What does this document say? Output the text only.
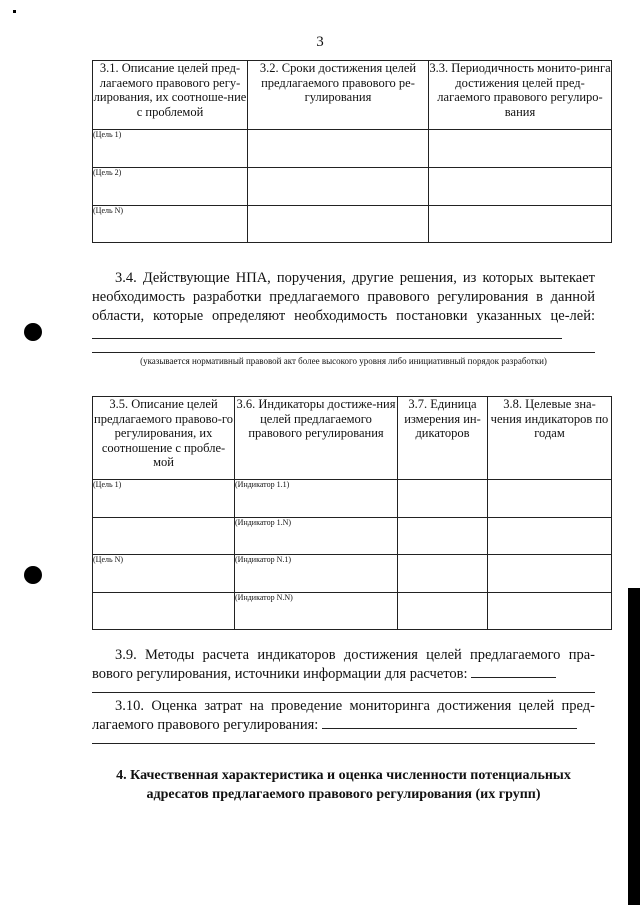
3
3.1. Описание целей пред-лагаемого правового регу-лирования, их соотноше-ние с проблемой	3.2. Сроки достижения целей предлагаемого правового ре-гулирования	3.3. Периодичность монито-ринга достижения целей пред-лагаемого правового регулиро-вания
(Цель 1)		
(Цель 2)		
(Цель N)		
3.4. Действующие НПА, поручения, другие решения, из которых вытекает необходимость разработки предлагаемого правового регулирования в данной области, которые определяют необходимость постановки указанных це-лей:
(указывается нормативный правовой акт более высокого уровня либо инициативный порядок разработки)
3.5. Описание целей предлагаемого правово-го регулирования, их соотношение с пробле-мой	3.6. Индикаторы достиже-ния целей предлагаемого правового регулирования	3.7. Единица измерения ин-дикаторов	3.8. Целевые зна-чения индикаторов по годам
(Цель 1)	(Индикатор 1.1)		
	(Индикатор 1.N)		
(Цель N)	(Индикатор N.1)		
	(Индикатор N.N)		
3.9. Методы расчета индикаторов достижения целей предлагаемого пра-вового регулирования, источники информации для расчетов:
3.10. Оценка затрат на проведение мониторинга достижения целей пред-лагаемого правового регулирования:
4. Качественная характеристика и оценка численности потенциальных адресатов предлагаемого правового регулирования (их групп)
